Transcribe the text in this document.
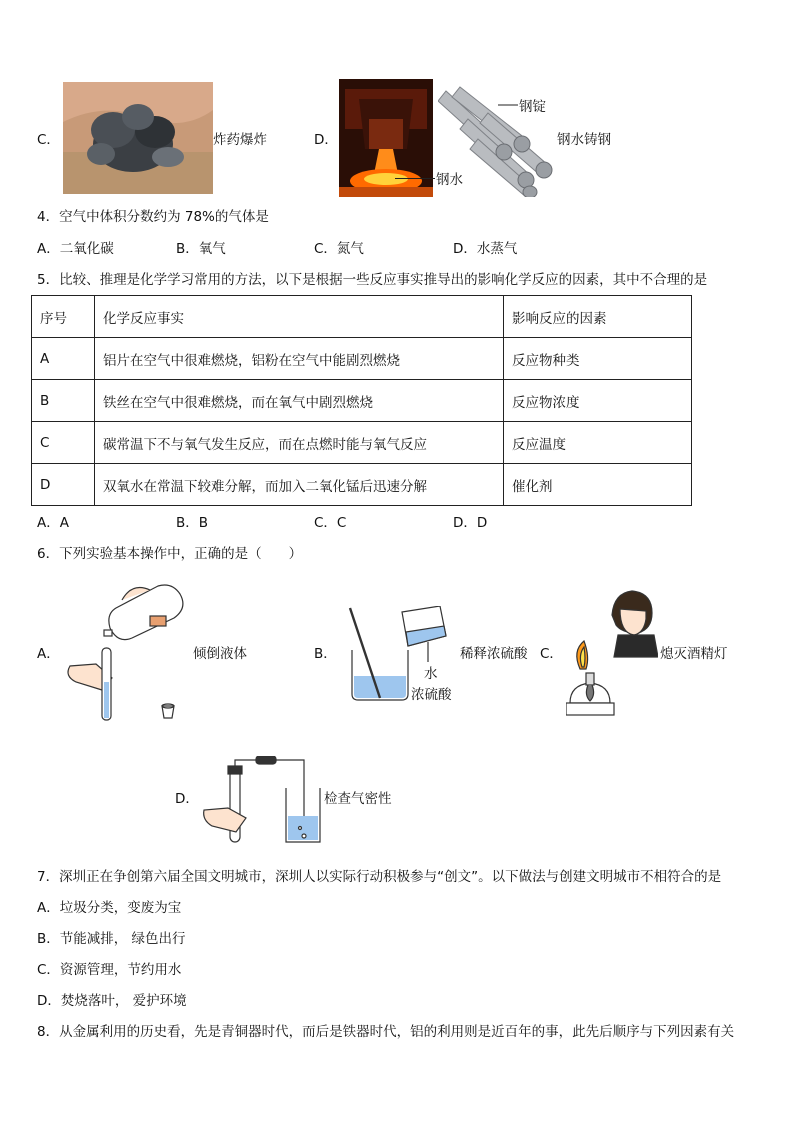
C．	炸药爆炸	D．
钢锭
钢水
钢水铸钢
4．空气中体积分数约为 78%的气体是
A．二氧化碳	B．氧气	C．氮气	D．水蒸气
5．比较、推理是化学学习常用的方法，以下是根据一些反应事实推导出的影响化学反应的因素，其中不合理的是
序号	化学反应事实	影响反应的因素
A	铝片在空气中很难燃烧，铝粉在空气中能剧烈燃烧	反应物种类
B	铁丝在空气中很难燃烧，而在氧气中剧烈燃烧	反应物浓度
C	碳常温下不与氧气发生反应，而在点燃时能与氧气反应	反应温度
D	双氧水在常温下较难分解，而加入二氧化锰后迅速分解	催化剂
A．A	B．B	C．C	D．D
6．下列实验基本操作中，正确的是（　　）
A．	倾倒液体	B．
水
浓硫酸
稀释浓硫酸 C．	熄灭酒精灯
D．	检查气密性
7．深圳正在争创第六届全国文明城市，深圳人以实际行动积极参与“创文”。以下做法与创建文明城市不相符合的是
A．垃圾分类，变废为宝
B．节能减排， 绿色出行
C．资源管理，节约用水
D．焚烧落叶， 爱护环境
8．从金属利用的历史看，先是青铜器时代，而后是铁器时代，铝的利用则是近百年的事，此先后顺序与下列因素有关
